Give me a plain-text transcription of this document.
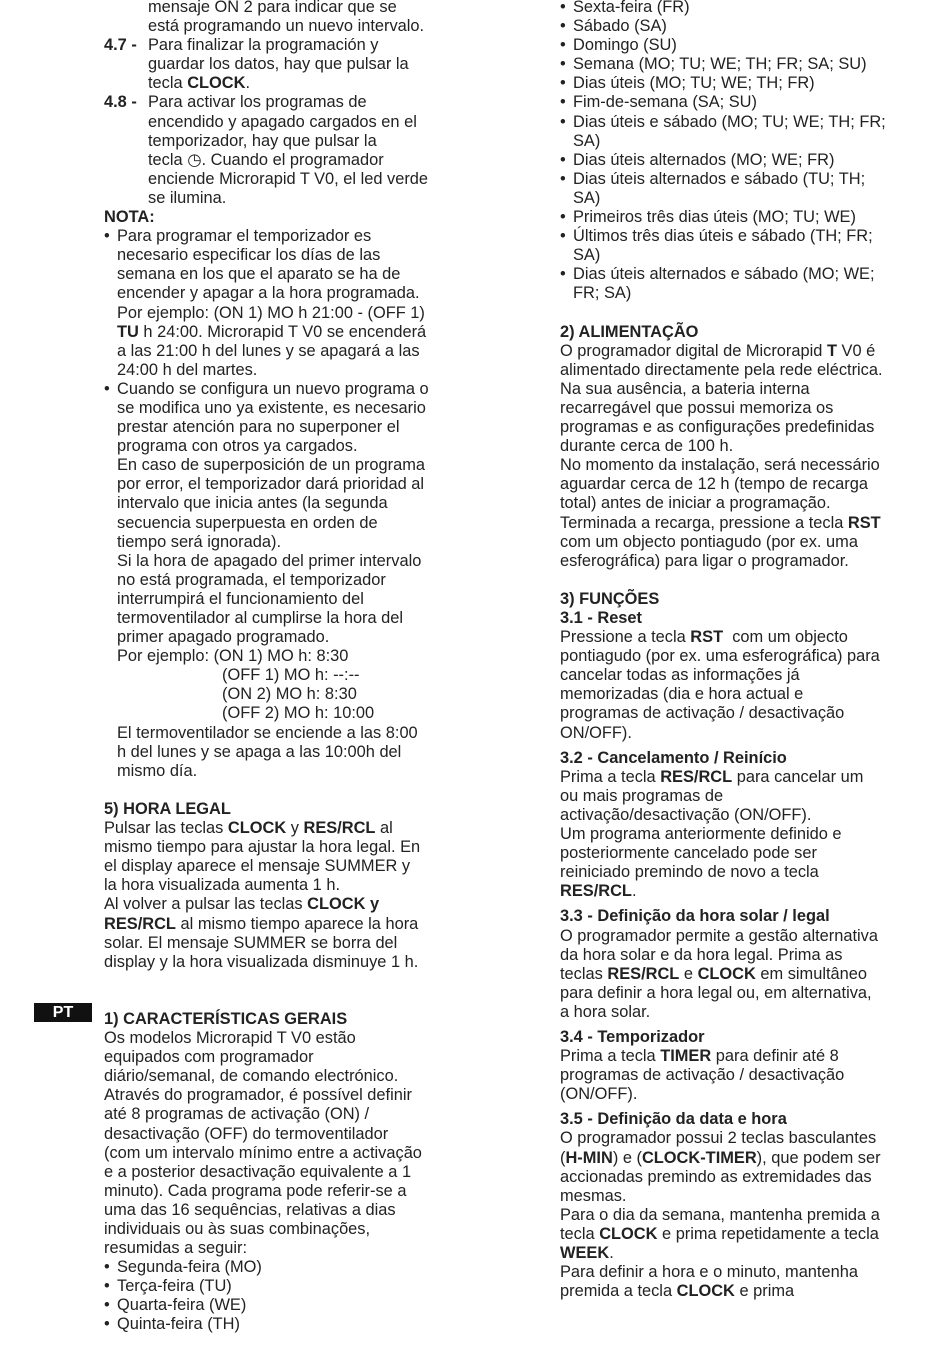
PT
mensaje ON 2 para indicar que se
está programando un nuevo intervalo.
4.7 - Para finalizar la programación y
guardar los datos, hay que pulsar la
tecla CLOCK.
4.8 - Para activar los programas de
encendido y apagado cargados en el
temporizador, hay que pulsar la
tecla ◷. Cuando el programador
enciende Microrapid T V0, el led verde
se ilumina.
NOTA:
• Para programar el temporizador es
necesario especificar los días de las
semana en los que el aparato se ha de
encender y apagar a la hora programada.
Por ejemplo: (ON 1) MO h 21:00 - (OFF 1)
TU h 24:00. Microrapid T V0 se encenderá
a las 21:00 h del lunes y se apagará a las
24:00 h del martes.
• Cuando se configura un nuevo programa o
se modifica uno ya existente, es necesario
prestar atención para no superponer el
programa con otros ya cargados.
En caso de superposición de un programa
por error, el temporizador dará prioridad al
intervalo que inicia antes (la segunda
secuencia superpuesta en orden de
tiempo será ignorada).
Si la hora de apagado del primer intervalo
no está programada, el temporizador
interrumpirá el funcionamiento del
termoventilador al cumplirse la hora del
primer apagado programado.
Por ejemplo: (ON 1) MO h: 8:30
(OFF 1) MO h: --:--
(ON 2) MO h: 8:30
(OFF 2) MO h: 10:00
El termoventilador se enciende a las 8:00
h del lunes y se apaga a las 10:00h del
mismo día.
5) HORA LEGAL
Pulsar las teclas CLOCK y RES/RCL al
mismo tiempo para ajustar la hora legal. En
el display aparece el mensaje SUMMER y
la hora visualizada aumenta 1 h.
Al volver a pulsar las teclas CLOCK y
RES/RCL al mismo tiempo aparece la hora
solar. El mensaje SUMMER se borra del
display y la hora visualizada disminuye 1 h.
1) CARACTERÍSTICAS GERAIS
Os modelos Microrapid T V0 estão
equipados com programador
diário/semanal, de comando electrónico.
Através do programador, é possível definir
até 8 programas de activação (ON) /
desactivação (OFF) do termoventilador
(com um intervalo mínimo entre a activação
e a posterior desactivação equivalente a 1
minuto). Cada programa pode referir-se a
uma das 16 sequências, relativas a dias
individuais ou às suas combinações,
resumidas a seguir:
• Segunda-feira (MO)
• Terça-feira (TU)
• Quarta-feira (WE)
• Quinta-feira (TH)
• Sexta-feira (FR)
• Sábado (SA)
• Domingo (SU)
• Semana (MO; TU; WE; TH; FR; SA; SU)
• Dias úteis (MO; TU; WE; TH; FR)
• Fim-de-semana (SA; SU)
• Dias úteis e sábado (MO; TU; WE; TH; FR;
SA)
• Dias úteis alternados (MO; WE; FR)
• Dias úteis alternados e sábado (TU; TH;
SA)
• Primeiros três dias úteis (MO; TU; WE)
• Últimos três dias úteis e sábado (TH; FR;
SA)
• Dias úteis alternados e sábado (MO; WE;
FR; SA)
2) ALIMENTAÇÃO
O programador digital de Microrapid T V0 é
alimentado directamente pela rede eléctrica.
Na sua ausência, a bateria interna
recarregável que possui memoriza os
programas e as configurações predefinidas
durante cerca de 100 h.
No momento da instalação, será necessário
aguardar cerca de 12 h (tempo de recarga
total) antes de iniciar a programação.
Terminada a recarga, pressione a tecla RST
com um objecto pontiagudo (por ex. uma
esferográfica) para ligar o programador.
3) FUNÇÕES
3.1 - Reset
Pressione a tecla RST  com um objecto
pontiagudo (por ex. uma esferográfica) para
cancelar todas as informações já
memorizadas (dia e hora actual e
programas de activação / desactivação
ON/OFF).
3.2 - Cancelamento / Reinício
Prima a tecla RES/RCL para cancelar um
ou mais programas de
activação/desactivação (ON/OFF).
Um programa anteriormente definido e
posteriormente cancelado pode ser
reiniciado premindo de novo a tecla
RES/RCL.
3.3 - Definição da hora solar / legal
O programador permite a gestão alternativa
da hora solar e da hora legal. Prima as
teclas RES/RCL e CLOCK em simultâneo
para definir a hora legal ou, em alternativa,
a hora solar.
3.4 - Temporizador
Prima a tecla TIMER para definir até 8
programas de activação / desactivação
(ON/OFF).
3.5 - Definição da data e hora
O programador possui 2 teclas basculantes
(H-MIN) e (CLOCK-TIMER), que podem ser
accionadas premindo as extremidades das
mesmas.
Para o dia da semana, mantenha premida a
tecla CLOCK e prima repetidamente a tecla
WEEK.
Para definir a hora e o minuto, mantenha
premida a tecla CLOCK e prima
